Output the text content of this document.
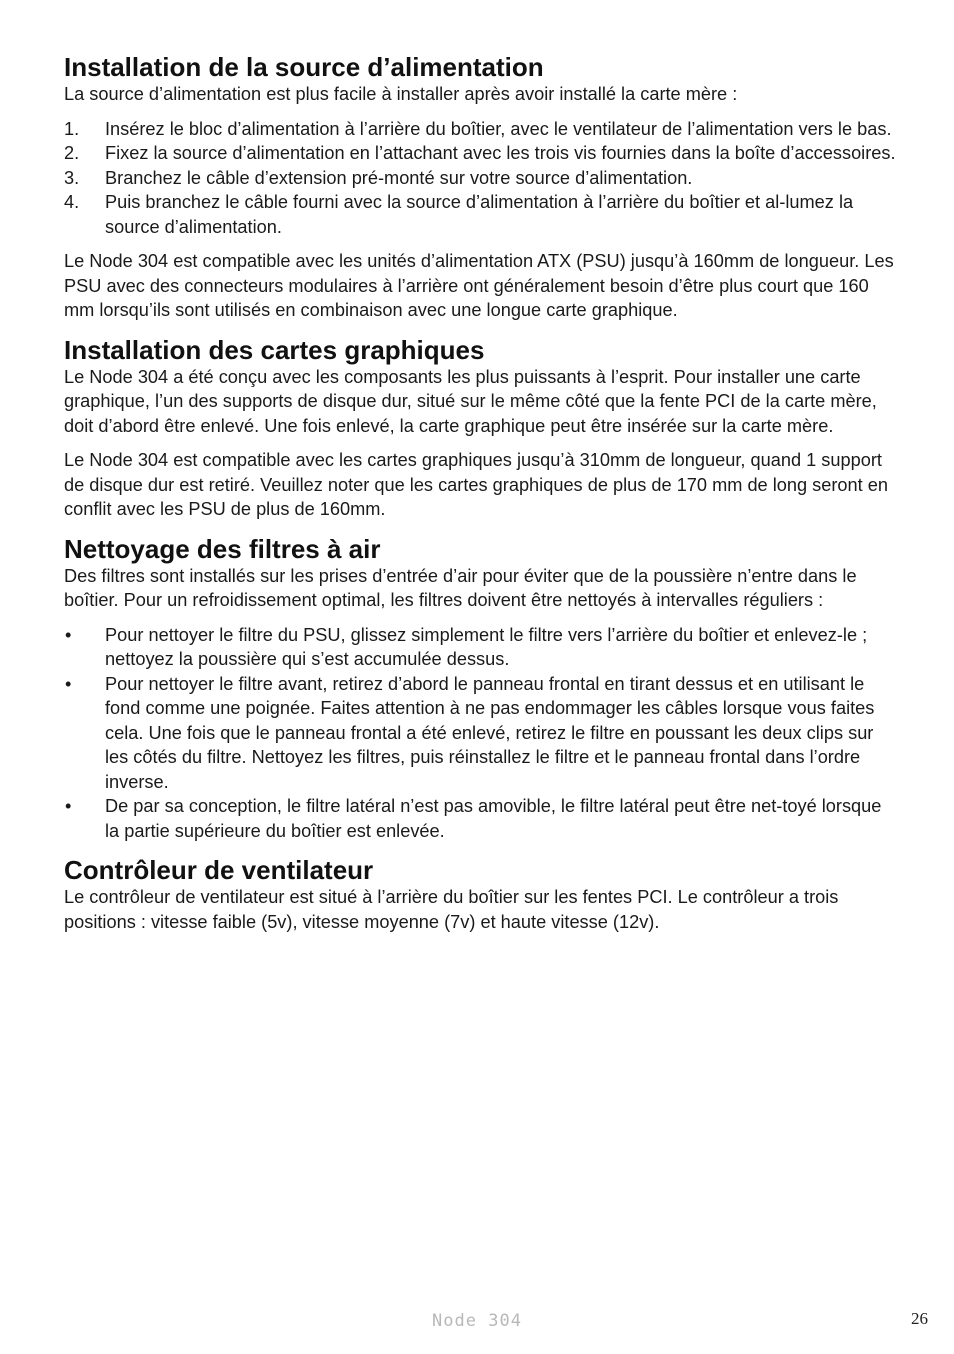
Installation de la source d’alimentation

La source d’alimentation est plus facile à installer après avoir installé la carte mère :

1. Insérez le bloc d’alimentation à l’arrière du boîtier, avec le ventilateur de l’alimentation vers le bas.
2. Fixez la source d’alimentation en l’attachant avec les trois vis fournies dans la boîte d’accessoires.
3. Branchez le câble d’extension pré-monté sur votre source d’alimentation.
4. Puis branchez le câble fourni avec la source d’alimentation à l’arrière du boîtier et al-lumez la source d’alimentation.

Le Node 304 est compatible avec les unités d’alimentation ATX (PSU) jusqu’à 160mm de longueur. Les PSU avec des connecteurs modulaires à l’arrière ont généralement besoin d’être plus court que 160 mm lorsqu’ils sont utilisés en combinaison avec une longue carte graphique.

Installation des cartes graphiques

Le Node 304 a été conçu avec les composants les plus puissants à l’esprit. Pour installer une carte graphique, l’un des supports de disque dur, situé sur le même côté que la fente PCI de la carte mère, doit d’abord être enlevé. Une fois enlevé, la carte graphique peut être insérée sur la carte mère.

Le Node 304 est compatible avec les cartes graphiques jusqu’à 310mm de longueur, quand 1 support de disque dur est retiré. Veuillez noter que les cartes graphiques de plus de 170 mm de long seront en conflit avec les PSU de plus de 160mm.

Nettoyage des filtres à air

Des filtres sont installés sur les prises d’entrée d’air pour éviter que de la poussière n’entre dans le boîtier. Pour un refroidissement optimal, les filtres doivent être nettoyés à intervalles réguliers :

• Pour nettoyer le filtre du PSU, glissez simplement le filtre vers l’arrière du boîtier et enlevez-le ; nettoyez la poussière qui s’est accumulée dessus.
• Pour nettoyer le filtre avant, retirez d’abord le panneau frontal en tirant dessus et en utilisant le fond comme une poignée. Faites attention à ne pas endommager les câbles lorsque vous faites cela. Une fois que le panneau frontal a été enlevé, retirez le filtre en poussant les deux clips sur les côtés du filtre. Nettoyez les filtres, puis réinstallez le filtre et le panneau frontal dans l’ordre inverse.
• De par sa conception, le filtre latéral n’est pas amovible, le filtre latéral peut être net-toyé lorsque la partie supérieure du boîtier est enlevée.
Contrôleur de ventilateur

Le contrôleur de ventilateur est situé à l’arrière du boîtier sur les fentes PCI. Le contrôleur a trois positions : vitesse faible (5v), vitesse moyenne (7v) et haute vitesse (12v).

Node 304	26
